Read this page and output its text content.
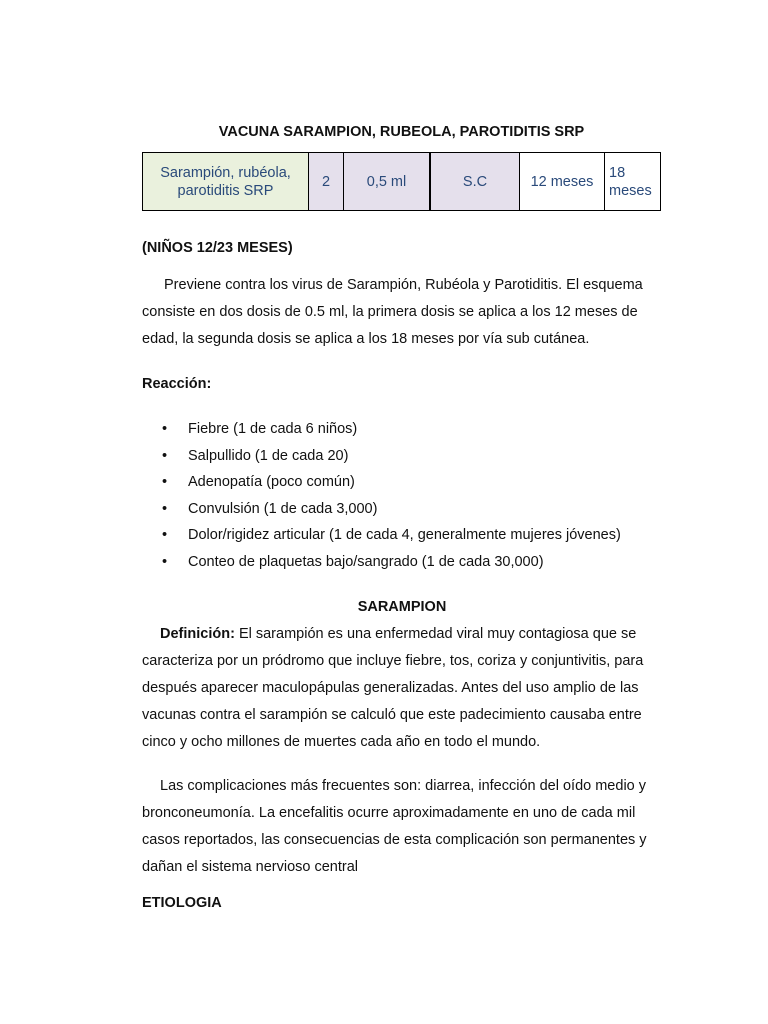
VACUNA SARAMPION, RUBEOLA, PAROTIDITIS SRP
Sarampión, rubéola, parotiditis SRP	2	0,5 ml	S.C	12 meses	18 meses
(NIÑOS 12/23 MESES)
Previene contra los virus de Sarampión, Rubéola y Parotiditis. El esquema consiste en dos dosis de 0.5 ml, la primera dosis se aplica a los 12 meses de edad, la segunda dosis se aplica a los 18 meses por vía sub cutánea.
Reacción:
• Fiebre (1 de cada 6 niños)
• Salpullido (1 de cada 20)
• Adenopatía (poco común)
• Convulsión (1 de cada 3,000)
• Dolor/rigidez articular (1 de cada 4, generalmente mujeres jóvenes)
• Conteo de plaquetas bajo/sangrado (1 de cada 30,000)
SARAMPION
Definición: El sarampión es una enfermedad viral muy contagiosa que se caracteriza por un pródromo que incluye fiebre, tos, coriza y conjuntivitis, para después aparecer maculopápulas generalizadas. Antes del uso amplio de las vacunas contra el sarampión se calculó que este padecimiento causaba entre cinco y ocho millones de muertes cada año en todo el mundo.
Las complicaciones más frecuentes son: diarrea, infección del oído medio y bronconeumonía. La encefalitis ocurre aproximadamente en uno de cada mil casos reportados, las consecuencias de esta complicación son permanentes y dañan el sistema nervioso central
ETIOLOGIA
